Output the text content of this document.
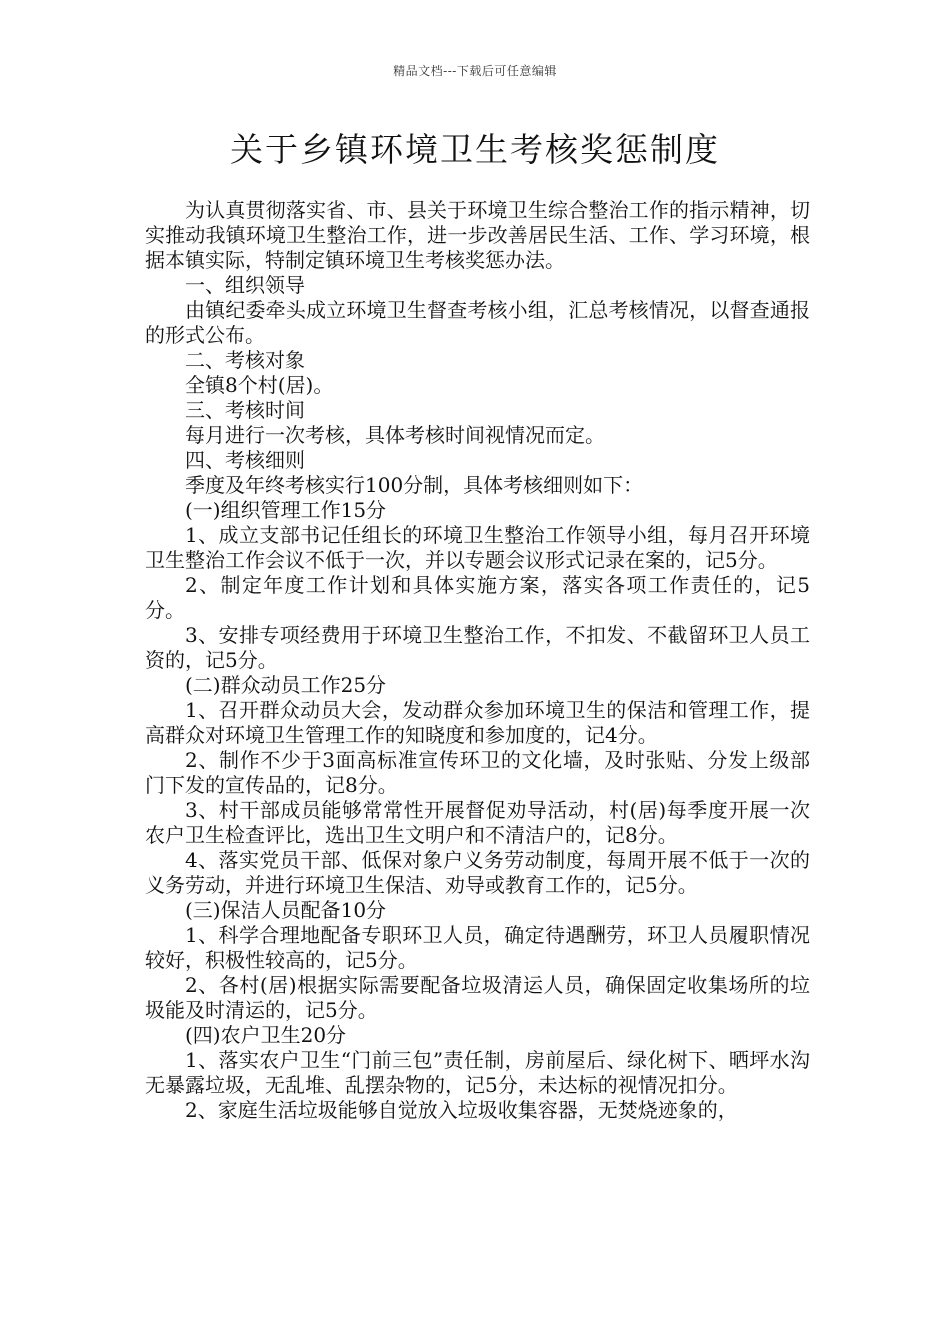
精品文档---下载后可任意编辑
关于乡镇环境卫生考核奖惩制度

为认真贯彻落实省、市、县关于环境卫生综合整治工作的指示精神，切实推动我镇环境卫生整治工作，进一步改善居民生活、工作、学习环境，根据本镇实际，特制定镇环境卫生考核奖惩办法。

一、组织领导

由镇纪委牵头成立环境卫生督查考核小组，汇总考核情况，以督查通报的形式公布。

二、考核对象

全镇8个村(居)。

三、考核时间

每月进行一次考核，具体考核时间视情况而定。

四、考核细则

季度及年终考核实行100分制，具体考核细则如下：

(一)组织管理工作15分

1、成立支部书记任组长的环境卫生整治工作领导小组，每月召开环境卫生整治工作会议不低于一次，并以专题会议形式记录在案的，记5分。

2、制定年度工作计划和具体实施方案，落实各项工作责任的，记5分。

3、安排专项经费用于环境卫生整治工作，不扣发、不截留环卫人员工资的，记5分。

(二)群众动员工作25分

1、召开群众动员大会，发动群众参加环境卫生的保洁和管理工作，提高群众对环境卫生管理工作的知晓度和参加度的，记4分。

2、制作不少于3面高标准宣传环卫的文化墙，及时张贴、分发上级部门下发的宣传品的，记8分。

3、村干部成员能够常常性开展督促劝导活动，村(居)每季度开展一次农户卫生检查评比，选出卫生文明户和不清洁户的，记8分。

4、落实党员干部、低保对象户义务劳动制度，每周开展不低于一次的义务劳动，并进行环境卫生保洁、劝导或教育工作的，记5分。

(三)保洁人员配备10分

1、科学合理地配备专职环卫人员，确定待遇酬劳，环卫人员履职情况较好，积极性较高的，记5分。

2、各村(居)根据实际需要配备垃圾清运人员，确保固定收集场所的垃圾能及时清运的，记5分。

(四)农户卫生20分

1、落实农户卫生“门前三包”责任制，房前屋后、绿化树下、晒坪水沟无暴露垃圾，无乱堆、乱摆杂物的，记5分，未达标的视情况扣分。

2、家庭生活垃圾能够自觉放入垃圾收集容器，无焚烧迹象的，
